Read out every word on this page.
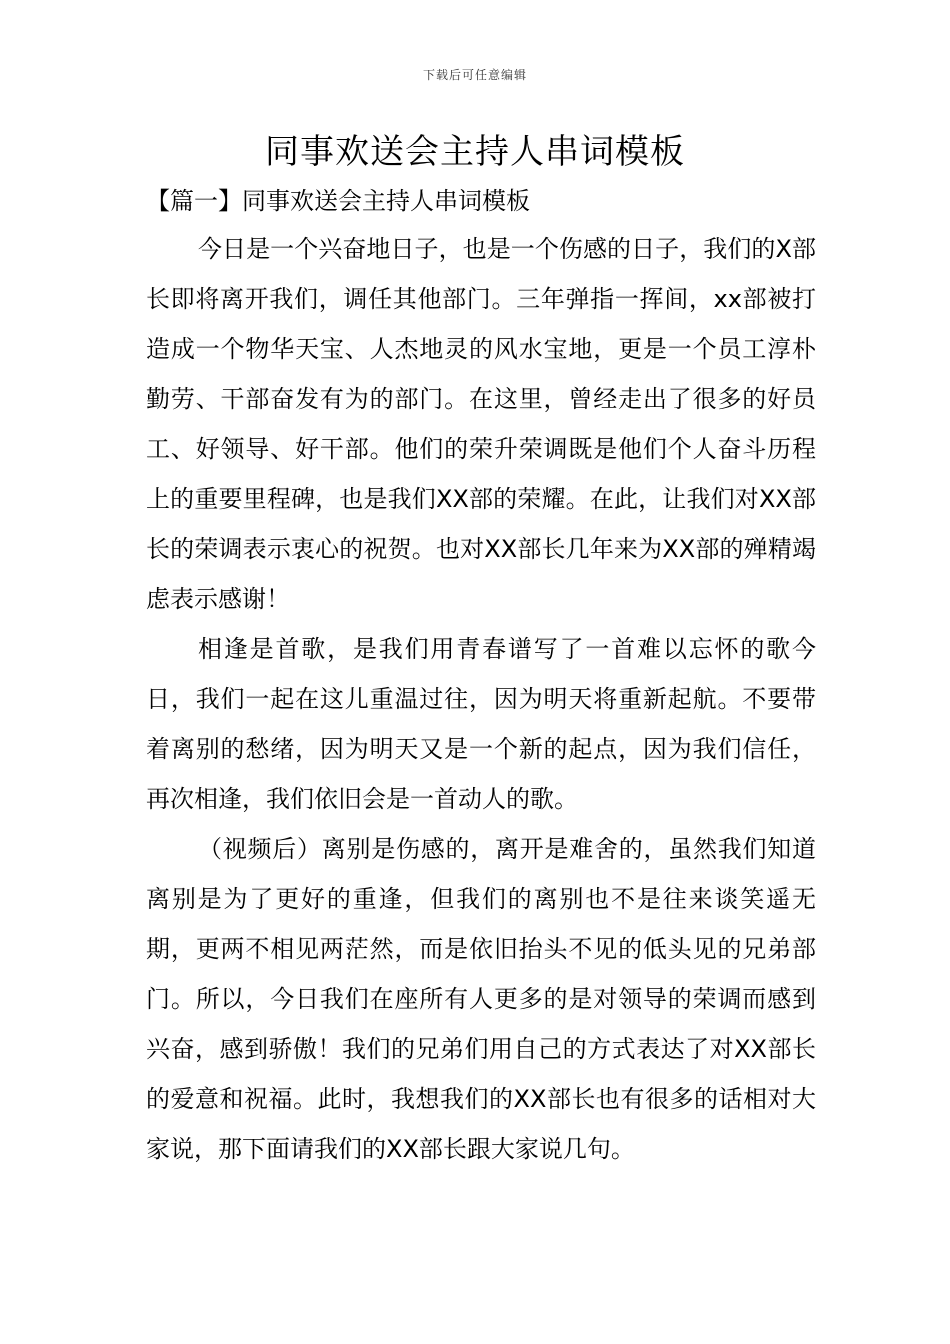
下载后可任意编辑
同事欢送会主持人串词模板
【篇一】同事欢送会主持人串词模板

今日是一个兴奋地日子，也是一个伤感的日子，我们的X部长即将离开我们，调任其他部门。三年弹指一挥间，xx部被打造成一个物华天宝、人杰地灵的风水宝地，更是一个员工淳朴勤劳、干部奋发有为的部门。在这里，曾经走出了很多的好员工、好领导、好干部。他们的荣升荣调既是他们个人奋斗历程上的重要里程碑，也是我们XX部的荣耀。在此，让我们对XX部长的荣调表示衷心的祝贺。也对XX部长几年来为XX部的殚精竭虑表示感谢！

相逢是首歌，是我们用青春谱写了一首难以忘怀的歌今日，我们一起在这儿重温过往，因为明天将重新起航。不要带着离别的愁绪，因为明天又是一个新的起点，因为我们信任，再次相逢，我们依旧会是一首动人的歌。

（视频后）离别是伤感的，离开是难舍的，虽然我们知道离别是为了更好的重逢，但我们的离别也不是往来谈笑遥无期，更两不相见两茫然，而是依旧抬头不见的低头见的兄弟部门。所以，今日我们在座所有人更多的是对领导的荣调而感到兴奋，感到骄傲！我们的兄弟们用自己的方式表达了对XX部长的爱意和祝福。此时，我想我们的XX部长也有很多的话相对大家说，那下面请我们的XX部长跟大家说几句。
